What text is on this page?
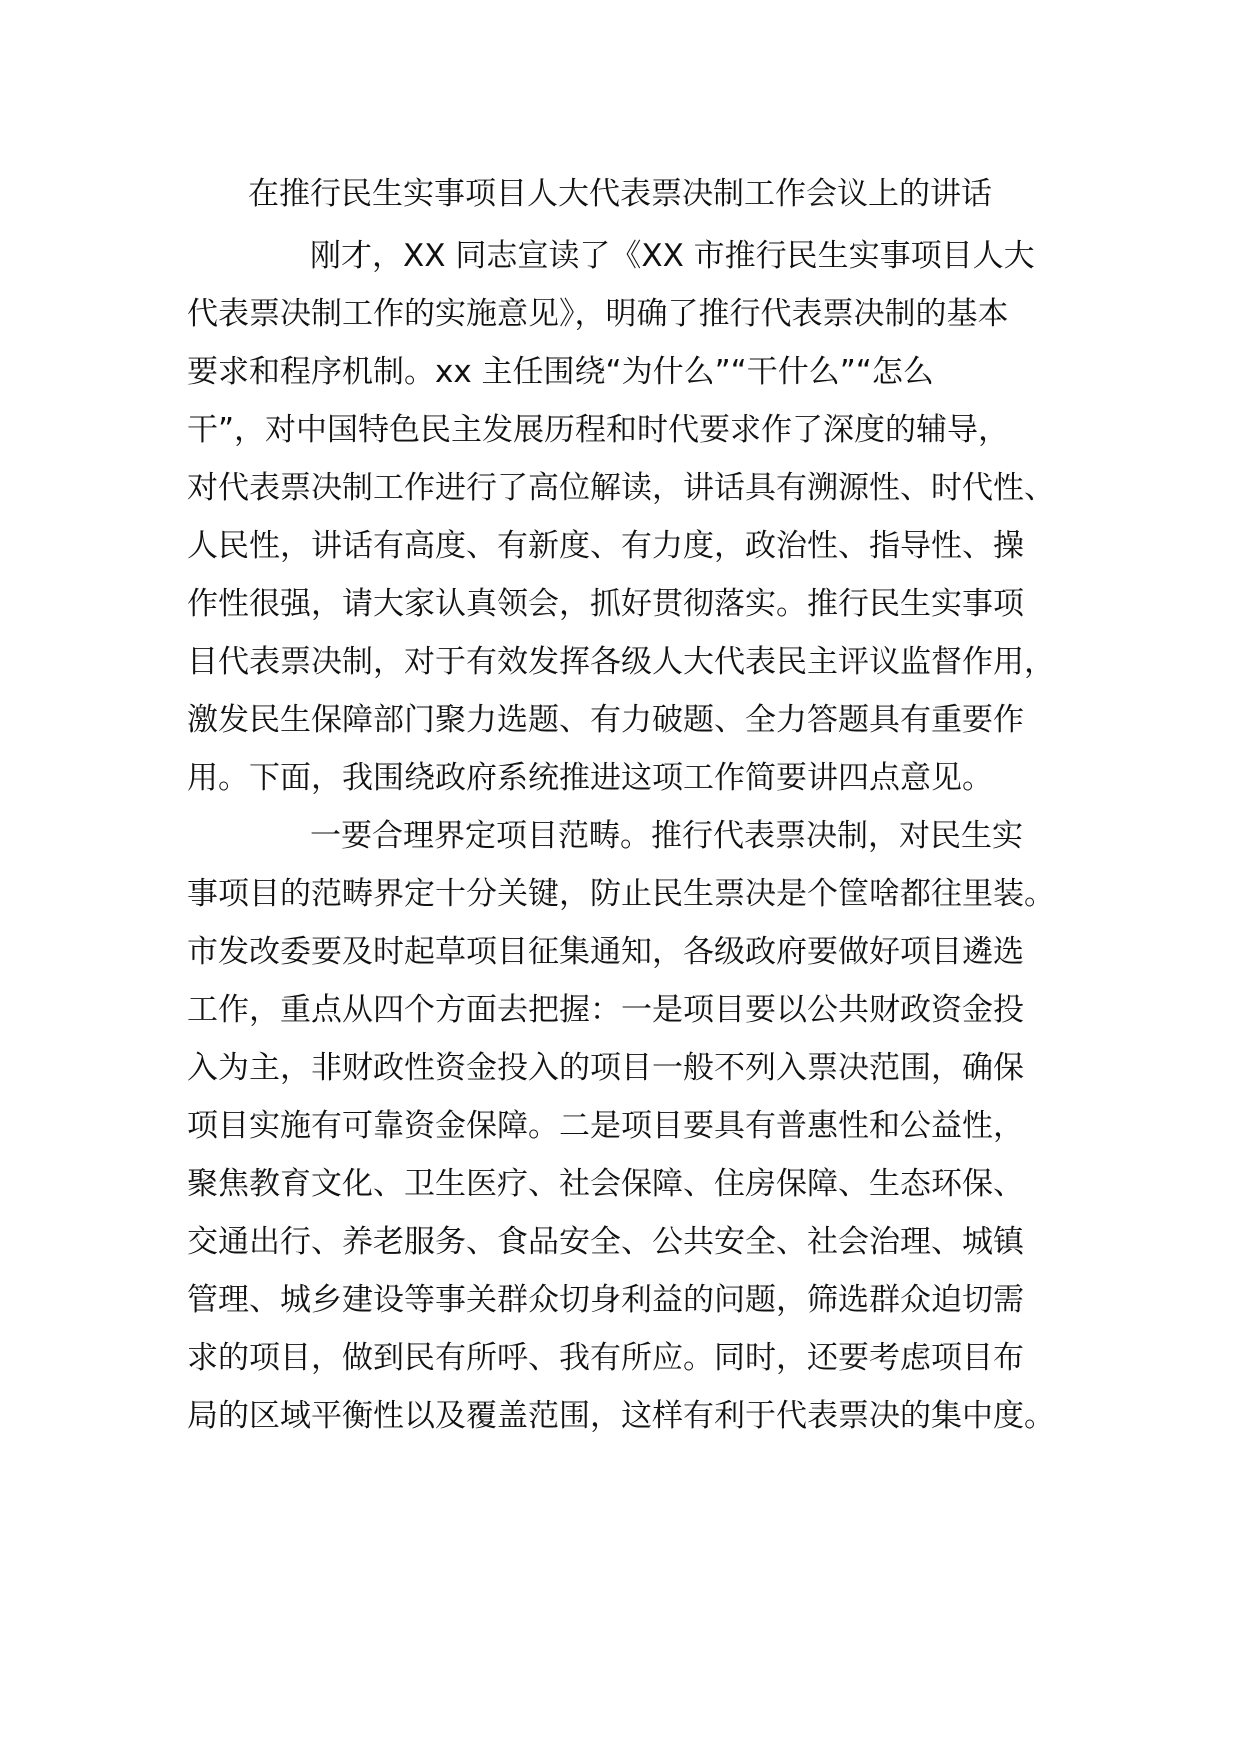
在推行民生实事项目人大代表票决制工作会议上的讲话
刚才，XX 同志宣读了《XX 市推行民生实事项目人大
代表票决制工作的实施意见》，明确了推行代表票决制的基本
要求和程序机制。xx 主任围绕“为什么”“干什么”“怎么
干”，对中国特色民主发展历程和时代要求作了深度的辅导，
对代表票决制工作进行了高位解读，讲话具有溯源性、时代性、
人民性，讲话有高度、有新度、有力度，政治性、指导性、操
作性很强，请大家认真领会，抓好贯彻落实。推行民生实事项
目代表票决制，对于有效发挥各级人大代表民主评议监督作用，
激发民生保障部门聚力选题、有力破题、全力答题具有重要作
用。下面，我围绕政府系统推进这项工作简要讲四点意见。
一要合理界定项目范畴。推行代表票决制，对民生实
事项目的范畴界定十分关键，防止民生票决是个筐啥都往里装。
市发改委要及时起草项目征集通知，各级政府要做好项目遴选
工作，重点从四个方面去把握：一是项目要以公共财政资金投
入为主，非财政性资金投入的项目一般不列入票决范围，确保
项目实施有可靠资金保障。二是项目要具有普惠性和公益性，
聚焦教育文化、卫生医疗、社会保障、住房保障、生态环保、
交通出行、养老服务、食品安全、公共安全、社会治理、城镇
管理、城乡建设等事关群众切身利益的问题，筛选群众迫切需
求的项目，做到民有所呼、我有所应。同时，还要考虑项目布
局的区域平衡性以及覆盖范围，这样有利于代表票决的集中度。
